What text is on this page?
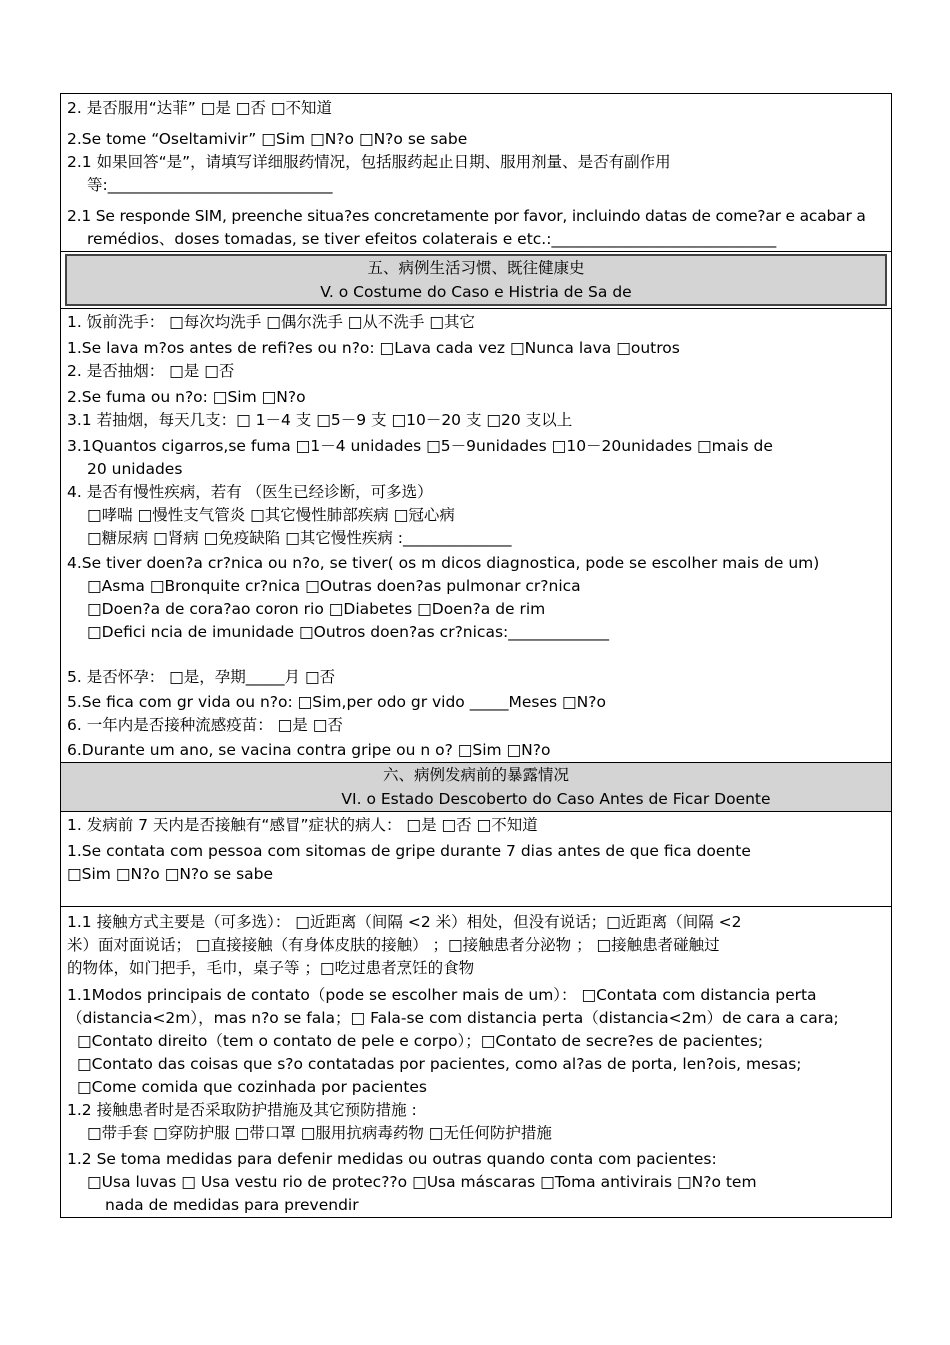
2. 是否服用“达菲” □是 □否 □不知道
2.Se tome “Oseltamivir” □Sim □N?o □N?o se sabe
2.1 如果回答“是”，请填写详细服药情况，包括服药起止日期、服用剂量、是否有副作用
等:_____________________________
2.1 Se responde SIM, preenche situa?es concretamente por favor, incluindo datas de come?ar e acabar a
remédios、doses tomadas, se tiver efeitos colaterais e etc.:_____________________________
五、病例生活习惯、既往健康史
V. o Costume do Caso e Histria de Sa de
1. 饭前洗手： □每次均洗手 □偶尔洗手 □从不洗手 □其它
1.Se lava m?os antes de refi?es ou n?o: □Lava cada vez □Nunca lava □outros
2. 是否抽烟： □是 □否
2.Se fuma ou n?o: □Sim □N?o
3.1 若抽烟，每天几支：□ 1－4 支 □5－9 支 □10－20 支 □20 支以上
3.1Quantos cigarros,se fuma □1－4 unidades □5－9unidades □10－20unidades □mais de
20 unidades
4. 是否有慢性疾病，若有 （医生已经诊断，可多选）
□哮喘 □慢性支气管炎 □其它慢性肺部疾病 □冠心病
□糖尿病 □肾病 □免疫缺陷 □其它慢性疾病 :______________
4.Se tiver doen?a cr?nica ou n?o, se tiver( os m dicos diagnostica, pode se escolher mais de um)
□Asma □Bronquite cr?nica □Outras doen?as pulmonar cr?nica
□Doen?a de cora?ao coron rio □Diabetes □Doen?a de rim
□Defici ncia de imunidade □Outros doen?as cr?nicas:_____________
5. 是否怀孕： □是，孕期_____月 □否
5.Se fica com gr vida ou n?o: □Sim,per odo gr vido _____Meses □N?o
6. 一年内是否接种流感疫苗： □是 □否
6.Durante um ano, se vacina contra gripe ou n o? □Sim □N?o
六、病例发病前的暴露情况
VI. o Estado Descoberto do Caso Antes de Ficar Doente
1. 发病前 7 天内是否接触有“感冒”症状的病人： □是 □否 □不知道
1.Se contata com pessoa com sitomas de gripe durante 7 dias antes de que fica doente
□Sim □N?o □N?o se sabe
1.1 接触方式主要是（可多选）： □近距离（间隔 <2 米）相处，但没有说话；□近距离（间隔 <2
米）面对面说话； □直接接触（有身体皮肤的接触） ；□接触患者分泌物 ； □接触患者碰触过
的物体，如门把手，毛巾，桌子等 ；□吃过患者烹饪的食物
1.1Modos principais de contato（pode se escolher mais de um）： □Contata com distancia perta
（distancia<2m），mas n?o se fala；□ Fala-se com distancia perta（distancia<2m）de cara a cara;
□Contato direito（tem o contato de pele e corpo）；□Contato de secre?es de pacientes;
□Contato das coisas que s?o contatadas por pacientes, como al?as de porta, len?ois, mesas;
□Come comida que cozinhada por pacientes
1.2 接触患者时是否采取防护措施及其它预防措施 :
□带手套 □穿防护服 □带口罩 □服用抗病毒药物 □无任何防护措施
1.2 Se toma medidas para defenir medidas ou outras quando conta com pacientes:
□Usa luvas □ Usa vestu rio de protec??o □Usa máscaras □Toma antivirais □N?o tem
nada de medidas para prevendir
